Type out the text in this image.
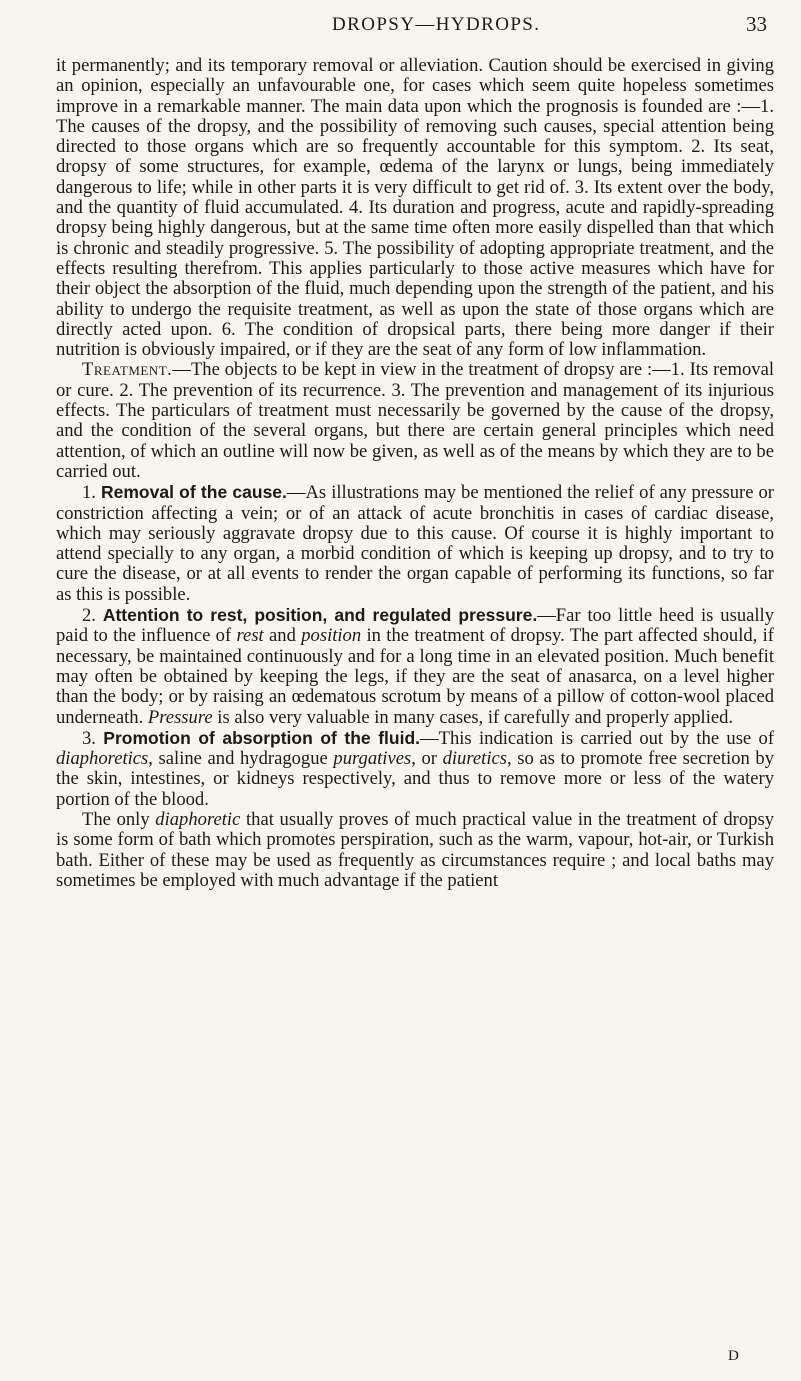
DROPSY—HYDROPS.	33

it permanently; and its temporary removal or alleviation. Caution should be exercised in giving an opinion, especially an unfavourable one, for cases which seem quite hopeless sometimes improve in a remarkable manner. The main data upon which the prognosis is founded are :—1. The causes of the dropsy, and the possibility of removing such causes, special attention being directed to those organs which are so frequently accountable for this symptom. 2. Its seat, dropsy of some structures, for example, œdema of the larynx or lungs, being immediately dangerous to life; while in other parts it is very difficult to get rid of. 3. Its extent over the body, and the quantity of fluid accumulated. 4. Its duration and progress, acute and rapidly-spreading dropsy being highly dangerous, but at the same time often more easily dispelled than that which is chronic and steadily progressive. 5. The possibility of adopting appropriate treatment, and the effects resulting therefrom. This applies particularly to those active measures which have for their object the absorption of the fluid, much depending upon the strength of the patient, and his ability to undergo the requisite treatment, as well as upon the state of those organs which are directly acted upon. 6. The condition of dropsical parts, there being more danger if their nutrition is obviously impaired, or if they are the seat of any form of low inflammation.

Treatment.—The objects to be kept in view in the treatment of dropsy are :—1. Its removal or cure. 2. The prevention of its recurrence. 3. The prevention and management of its injurious effects. The particulars of treatment must necessarily be governed by the cause of the dropsy, and the condition of the several organs, but there are certain general principles which need attention, of which an outline will now be given, as well as of the means by which they are to be carried out.

1. Removal of the cause.—As illustrations may be mentioned the relief of any pressure or constriction affecting a vein; or of an attack of acute bronchitis in cases of cardiac disease, which may seriously aggravate dropsy due to this cause. Of course it is highly important to attend specially to any organ, a morbid condition of which is keeping up dropsy, and to try to cure the disease, or at all events to render the organ capable of performing its functions, so far as this is possible.

2. Attention to rest, position, and regulated pressure.—Far too little heed is usually paid to the influence of rest and position in the treatment of dropsy. The part affected should, if necessary, be maintained continuously and for a long time in an elevated position. Much benefit may often be obtained by keeping the legs, if they are the seat of anasarca, on a level higher than the body; or by raising an œdematous scrotum by means of a pillow of cotton-wool placed underneath. Pressure is also very valuable in many cases, if carefully and properly applied.

3. Promotion of absorption of the fluid.—This indication is carried out by the use of diaphoretics, saline and hydragogue purgatives, or diuretics, so as to promote free secretion by the skin, intestines, or kidneys respectively, and thus to remove more or less of the watery portion of the blood.

The only diaphoretic that usually proves of much practical value in the treatment of dropsy is some form of bath which promotes perspiration, such as the warm, vapour, hot-air, or Turkish bath. Either of these may be used as frequently as circumstances require ; and local baths may sometimes be employed with much advantage if the patient

D
